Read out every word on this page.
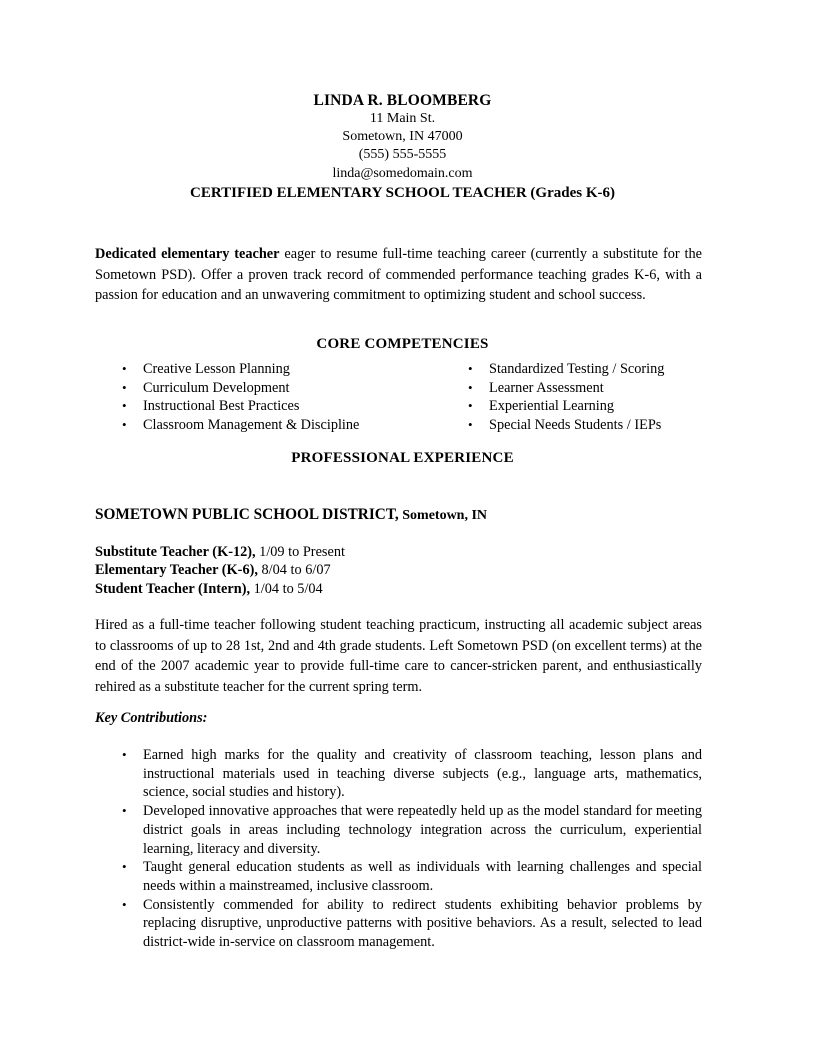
LINDA R. BLOOMBERG
11 Main St.
Sometown, IN 47000
(555) 555-5555
linda@somedomain.com
CERTIFIED ELEMENTARY SCHOOL TEACHER (Grades K-6)
Dedicated elementary teacher eager to resume full-time teaching career (currently a substitute for the Sometown PSD). Offer a proven track record of commended performance teaching grades K-6, with a passion for education and an unwavering commitment to optimizing student and school success.
CORE COMPETENCIES
• Creative Lesson Planning
• Curriculum Development
• Instructional Best Practices
• Classroom Management & Discipline
• Standardized Testing / Scoring
• Learner Assessment
• Experiential Learning
• Special Needs Students / IEPs
PROFESSIONAL EXPERIENCE
SOMETOWN PUBLIC SCHOOL DISTRICT, Sometown, IN
Substitute Teacher (K-12), 1/09 to Present
Elementary Teacher (K-6), 8/04 to 6/07
Student Teacher (Intern), 1/04 to 5/04
Hired as a full-time teacher following student teaching practicum, instructing all academic subject areas to classrooms of up to 28 1st, 2nd and 4th grade students. Left Sometown PSD (on excellent terms) at the end of the 2007 academic year to provide full-time care to cancer-stricken parent, and enthusiastically rehired as a substitute teacher for the current spring term.
Key Contributions:
• Earned high marks for the quality and creativity of classroom teaching, lesson plans and instructional materials used in teaching diverse subjects (e.g., language arts, mathematics, science, social studies and history).
• Developed innovative approaches that were repeatedly held up as the model standard for meeting district goals in areas including technology integration across the curriculum, experiential learning, literacy and diversity.
• Taught general education students as well as individuals with learning challenges and special needs within a mainstreamed, inclusive classroom.
• Consistently commended for ability to redirect students exhibiting behavior problems by replacing disruptive, unproductive patterns with positive behaviors. As a result, selected to lead district-wide in-service on classroom management.
